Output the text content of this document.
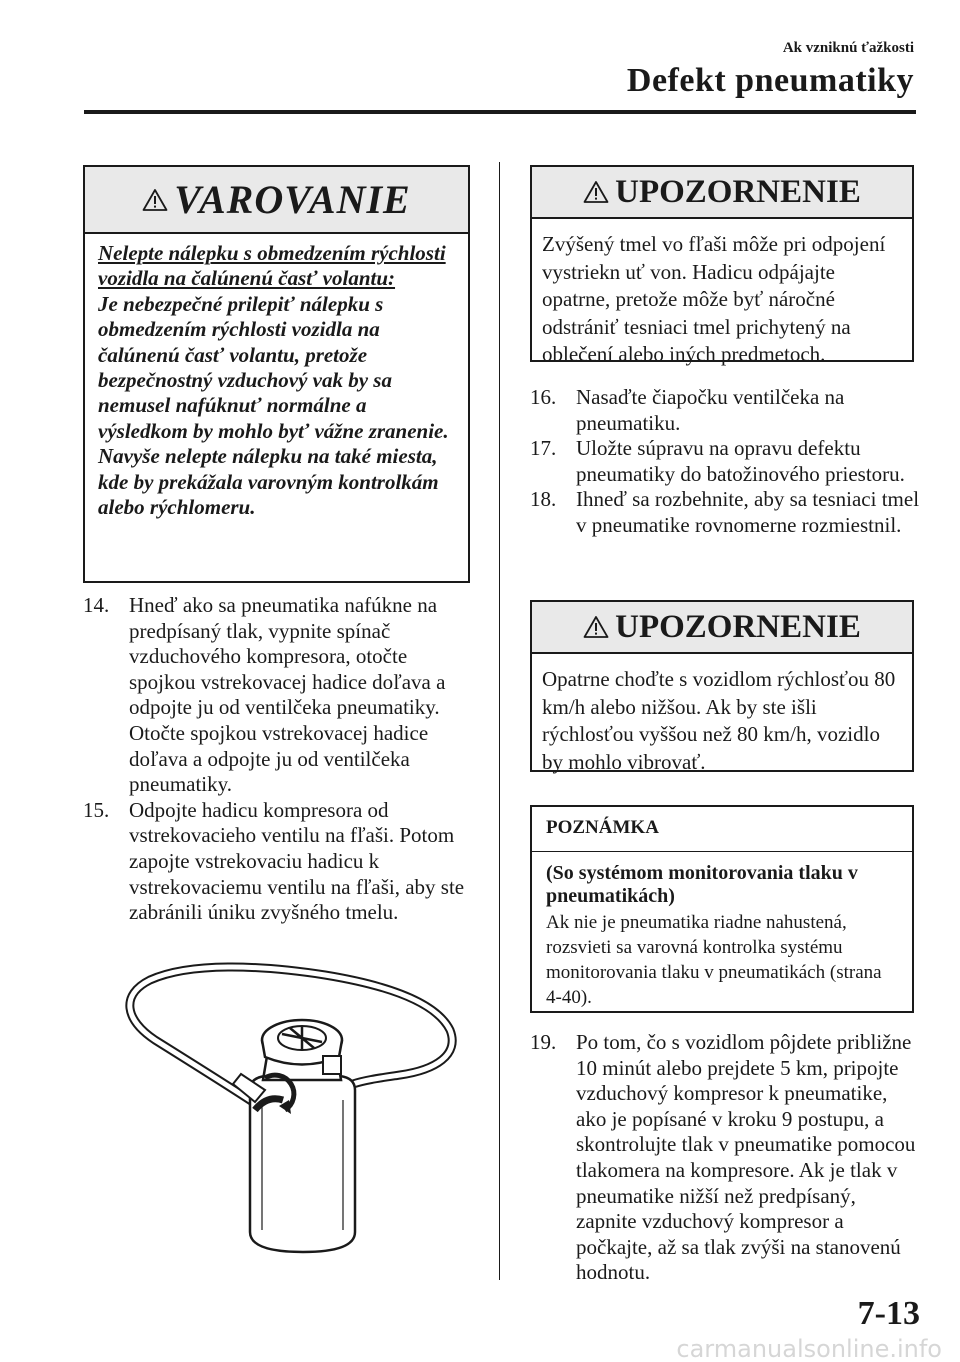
Ak vzniknú ťažkosti
Defekt pneumatiky
VAROVANIE
Nelepte nálepku s obmedzením rýchlosti vozidla na čalúnenú časť volantu:
Je nebezpečné prilepiť nálepku s obmedzením rýchlosti vozidla na čalúnenú časť volantu, pretože bezpečnostný vzduchový vak by sa nemusel nafúknuť normálne a výsledkom by mohlo byť vážne zranenie. Navyše nelepte nálepku na také miesta, kde by prekážala varovným kontrolkám alebo rýchlomeru.
14. Hneď ako sa pneumatika nafúkne na predpísaný tlak, vypnite spínač vzduchového kompresora, otočte spojkou vstrekovacej hadice doľava a odpojte ju od ventilčeka pneumatiky. Otočte spojkou vstrekovacej hadice doľava a odpojte ju od ventilčeka pneumatiky.
15. Odpojte hadicu kompresora od vstrekovacieho ventilu na fľaši. Potom zapojte vstrekovaciu hadicu k vstrekovaciemu ventilu na fľaši, aby ste zabránili úniku zvyšného tmelu.
UPOZORNENIE
Zvýšený tmel vo fľaši môže pri odpojení vystriekn uť von. Hadicu odpájajte opatrne, pretože môže byť náročné odstrániť tesniaci tmel prichytený na oblečení alebo iných predmetoch.
16. Nasaďte čiapočku ventilčeka na pneumatiku.
17. Uložte súpravu na opravu defektu pneumatiky do batožinového priestoru.
18. Ihneď sa rozbehnite, aby sa tesniaci tmel v pneumatike rovnomerne rozmiestnil.
UPOZORNENIE
Opatrne choďte s vozidlom rýchlosťou 80 km/h alebo nižšou. Ak by ste išli rýchlosťou vyššou než 80 km/h, vozidlo by mohlo vibrovať.
POZNÁMKA
(So systémom monitorovania tlaku v pneumatikách)
Ak nie je pneumatika riadne nahustená, rozsvieti sa varovná kontrolka systému monitorovania tlaku v pneumatikách (strana 4-40).
19. Po tom, čo s vozidlom pôjdete približne 10 minút alebo prejdete 5 km, pripojte vzduchový kompresor k pneumatike, ako je popísané v kroku 9 postupu, a skontrolujte tlak v pneumatike pomocou tlakomera na kompresore. Ak je tlak v pneumatike nižší než predpísaný, zapnite vzduchový kompresor a počkajte, až sa tlak zvýši na stanovenú hodnotu.
7-13
carmanualsonline.info
